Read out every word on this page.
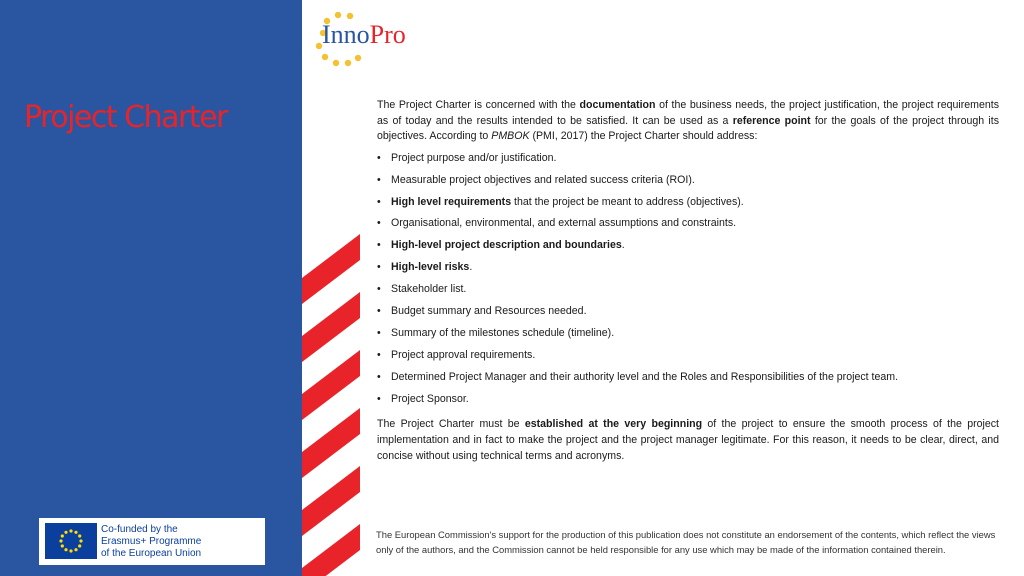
Project Charter
InnoPro

The Project Charter is concerned with the documentation of the business needs, the project justification, the project requirements as of today and the results intended to be satisfied. It can be used as a reference point for the goals of the project through its objectives. According to PMBOK (PMI, 2017) the Project Charter should address:

• Project purpose and/or justification.
• Measurable project objectives and related success criteria (ROI).
• High level requirements that the project be meant to address (objectives).
• Organisational, environmental, and external assumptions and constraints.
• High-level project description and boundaries.
• High-level risks.
• Stakeholder list.
• Budget summary and Resources needed.
• Summary of the milestones schedule (timeline).
• Project approval requirements.
• Determined Project Manager and their authority level and the Roles and Responsibilities of the project team.
• Project Sponsor.

The Project Charter must be established at the very beginning of the project to ensure the smooth process of the project implementation and in fact to make the project and the project manager legitimate. For this reason, it needs to be clear, direct, and concise without using technical terms and acronyms.

Co-funded by the
Erasmus+ Programme
of the European Union
The European Commission's support for the production of this publication does not constitute an endorsement of the contents, which reflect the views only of the authors, and the Commission cannot be held responsible for any use which may be made of the information contained therein.
